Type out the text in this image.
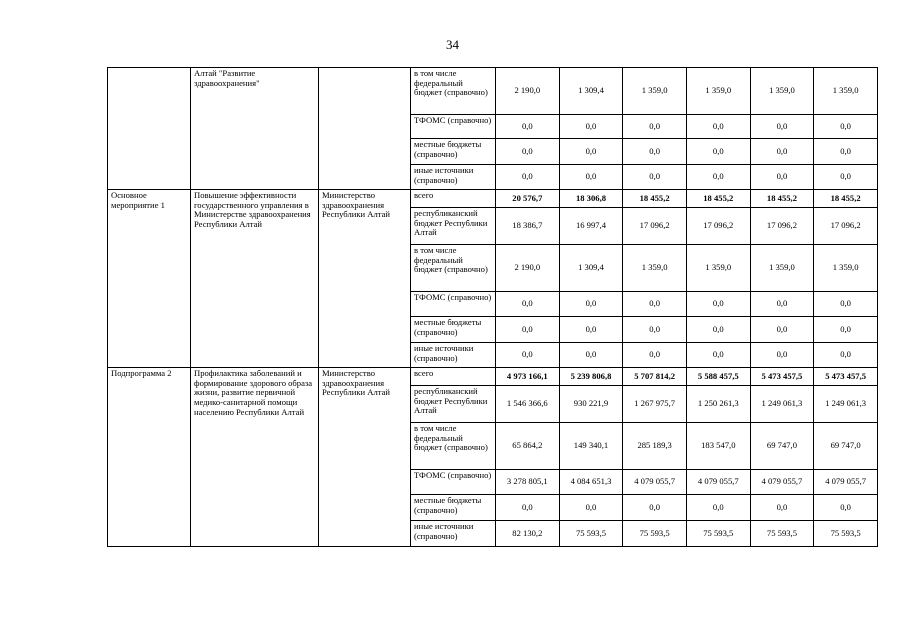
34
	Алтай "Развитие здравоохранения"		в том числе федеральный бюджет (справочно)	2 190,0	1 309,4	1 359,0	1 359,0	1 359,0	1 359,0
			ТФОМС (справочно)	0,0	0,0	0,0	0,0	0,0	0,0
			местные бюджеты (справочно)	0,0	0,0	0,0	0,0	0,0	0,0
			иные источники (справочно)	0,0	0,0	0,0	0,0	0,0	0,0
Основное мероприятие 1	Повышение эффективности государственного управления в Министерстве здравоохранения Республики Алтай	Министерство здравоохранения Республики Алтай	всего	20 576,7	18 306,8	18 455,2	18 455,2	18 455,2	18 455,2
			республиканский бюджет Республики Алтай	18 386,7	16 997,4	17 096,2	17 096,2	17 096,2	17 096,2
			в том числе федеральный бюджет (справочно)	2 190,0	1 309,4	1 359,0	1 359,0	1 359,0	1 359,0
			ТФОМС (справочно)	0,0	0,0	0,0	0,0	0,0	0,0
			местные бюджеты (справочно)	0,0	0,0	0,0	0,0	0,0	0,0
			иные источники (справочно)	0,0	0,0	0,0	0,0	0,0	0,0
Подпрограмма 2	Профилактика заболеваний и формирование здорового образа жизни, развитие первичной медико-санитарной помощи населению Республики Алтай	Министерство здравоохранения Республики Алтай	всего	4 973 166,1	5 239 806,8	5 707 814,2	5 588 457,5	5 473 457,5	5 473 457,5
			республиканский бюджет Республики Алтай	1 546 366,6	930 221,9	1 267 975,7	1 250 261,3	1 249 061,3	1 249 061,3
			в том числе федеральный бюджет (справочно)	65 864,2	149 340,1	285 189,3	183 547,0	69 747,0	69 747,0
			ТФОМС (справочно)	3 278 805,1	4 084 651,3	4 079 055,7	4 079 055,7	4 079 055,7	4 079 055,7
			местные бюджеты (справочно)	0,0	0,0	0,0	0,0	0,0	0,0
			иные источники (справочно)	82 130,2	75 593,5	75 593,5	75 593,5	75 593,5	75 593,5
